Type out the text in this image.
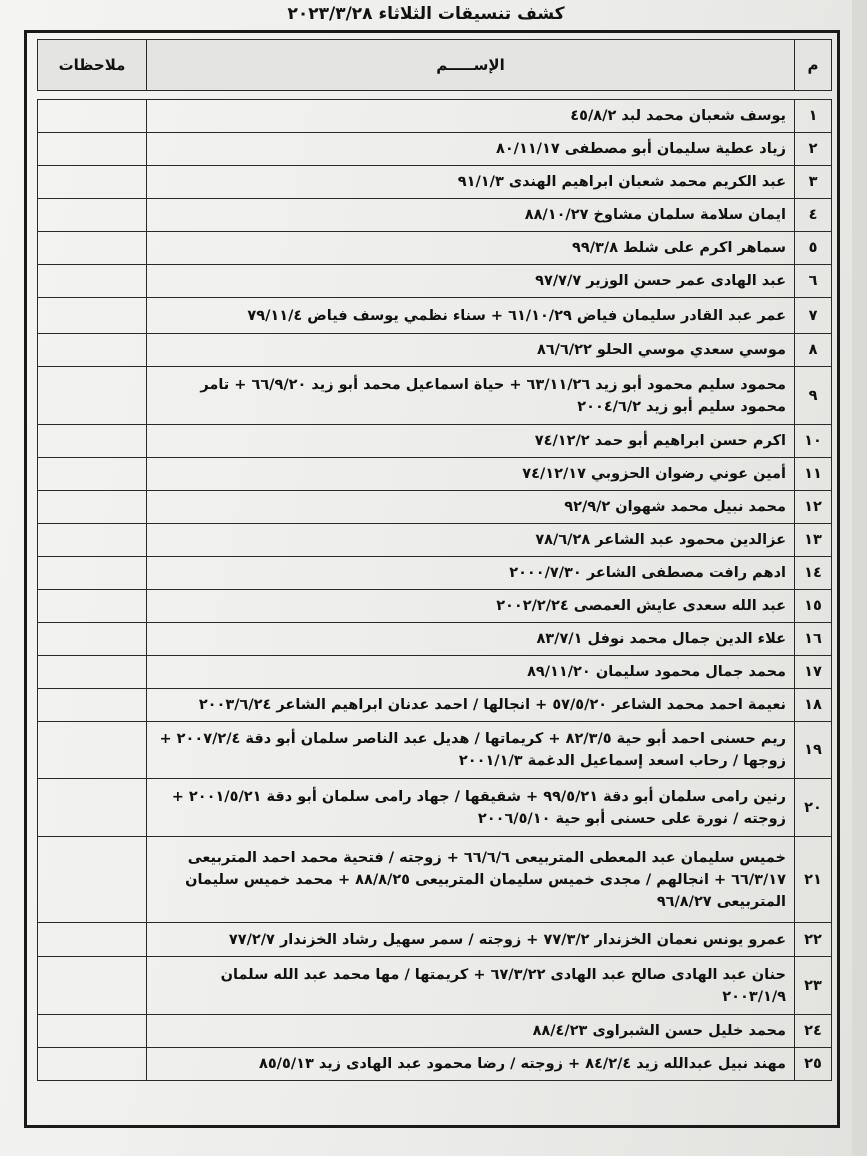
كشف تنسيقات الثلاثاء ٢٠٢٣/٣/٢٨
م	الإســـــم	ملاحظات

١	يوسف شعبان محمد لبد ٤٥/٨/٢	
٢	زياد عطية سليمان أبو مصطفى ٨٠/١١/١٧	
٣	عبد الكريم محمد شعبان ابراهيم الهندى ٩١/١/٣	
٤	ايمان سلامة سلمان مشاوخ ٨٨/١٠/٢٧	
٥	سماهر اكرم على شلط ٩٩/٣/٨	
٦	عبد الهادى عمر حسن الوزير ٩٧/٧/٧	
٧	عمر عبد القادر سليمان فياض ٦١/١٠/٢٩ + سناء نظمي يوسف فياض ٧٩/١١/٤	
٨	موسي سعدي موسي الحلو ٨٦/٦/٢٢	
٩	محمود سليم محمود أبو زيد ٦٣/١١/٢٦ + حياة اسماعيل محمد أبو زيد ٦٦/٩/٢٠ + تامر محمود سليم أبو زيد ٢٠٠٤/٦/٢	
١٠	اكرم حسن ابراهيم أبو حمد ٧٤/١٢/٢	
١١	أمين عوني رضوان الحزوبي ٧٤/١٢/١٧	
١٢	محمد نبيل محمد شهوان ٩٢/٩/٢	
١٣	عزالدين محمود عبد الشاعر ٧٨/٦/٢٨	
١٤	ادهم رافت مصطفى الشاعر ٢٠٠٠/٧/٣٠	
١٥	عبد الله سعدى عايش العمصى ٢٠٠٢/٢/٢٤	
١٦	علاء الدين جمال محمد نوفل ٨٣/٧/١	
١٧	محمد جمال محمود سليمان ٨٩/١١/٢٠	
١٨	نعيمة احمد محمد الشاعر ٥٧/٥/٢٠ + انجالها / احمد عدنان ابراهيم الشاعر ٢٠٠٣/٦/٢٤	
١٩	ريم حسنى احمد أبو حية ٨٢/٣/٥ + كريماتها / هديل عبد الناصر سلمان أبو دقة ٢٠٠٧/٢/٤ + زوجها / رحاب اسعد إسماعيل الدغمة ٢٠٠١/١/٣	
٢٠	رنين رامى سلمان أبو دقة ٩٩/٥/٢١ + شقيقها / جهاد رامى سلمان أبو دقة ٢٠٠١/٥/٢١ + زوجته / نورة على حسنى أبو حية ٢٠٠٦/٥/١٠	
٢١	خميس سليمان عبد المعطى المتربيعى ٦٦/٦/٦ + زوجته / فتحية محمد احمد المتربيعى ٦٦/٣/١٧ + انجالهم / مجدى خميس سليمان المتربيعى ٨٨/٨/٢٥ + محمد خميس سليمان المتربيعى ٩٦/٨/٢٧	
٢٢	عمرو يونس نعمان الخزندار ٧٧/٣/٢ + زوجته / سمر سهيل رشاد الخزندار ٧٧/٢/٧	
٢٣	حنان عبد الهادى صالح عبد الهادى ٦٧/٣/٢٢ + كريمتها / مها محمد عبد الله سلمان ٢٠٠٣/١/٩	
٢٤	محمد خليل حسن الشبراوى ٨٨/٤/٢٣	
٢٥	مهند نبيل عبدالله زيد ٨٤/٢/٤ + زوجته / رضا محمود عبد الهادى زيد ٨٥/٥/١٣	
